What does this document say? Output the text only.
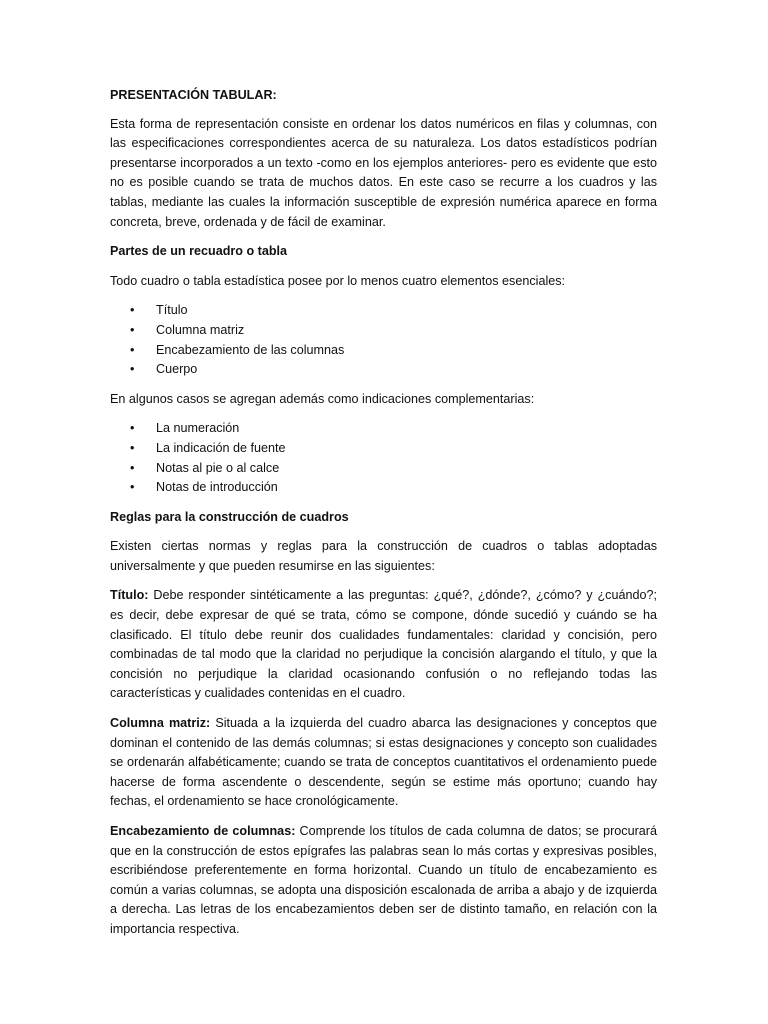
PRESENTACIÓN TABULAR:

Esta forma de representación consiste en ordenar los datos numéricos en filas y columnas, con las especificaciones correspondientes acerca de su naturaleza. Los datos estadísticos podrían presentarse incorporados a un texto -como en los ejemplos anteriores- pero es evidente que esto no es posible cuando se trata de muchos datos. En este caso se recurre a los cuadros y las tablas, mediante las cuales la información susceptible de expresión numérica aparece en forma concreta, breve, ordenada y de fácil de examinar.

Partes de un recuadro o tabla

Todo cuadro o tabla estadística posee por lo menos cuatro elementos esenciales:

• Título
• Columna matriz
• Encabezamiento de las columnas
• Cuerpo

En algunos casos se agregan además como indicaciones complementarias:

• La numeración
• La indicación de fuente
• Notas al pie o al calce
• Notas de introducción

Reglas para la construcción de cuadros

Existen ciertas normas y reglas para la construcción de cuadros o tablas adoptadas universalmente y que pueden resumirse en las siguientes:

Título: Debe responder sintéticamente a las preguntas: ¿qué?, ¿dónde?, ¿cómo? y ¿cuándo?; es decir, debe expresar de qué se trata, cómo se compone, dónde sucedió y cuándo se ha clasificado. El título debe reunir dos cualidades fundamentales: claridad y concisión, pero combinadas de tal modo que la claridad no perjudique la concisión alargando el título, y que la concisión no perjudique la claridad ocasionando confusión o no reflejando todas las características y cualidades contenidas en el cuadro.

Columna matriz: Situada a la izquierda del cuadro abarca las designaciones y conceptos que dominan el contenido de las demás columnas; si estas designaciones y concepto son cualidades se ordenarán alfabéticamente; cuando se trata de conceptos cuantitativos el ordenamiento puede hacerse de forma ascendente o descendente, según se estime más oportuno; cuando hay fechas, el ordenamiento se hace cronológicamente.

Encabezamiento de columnas: Comprende los títulos de cada columna de datos; se procurará que en la construcción de estos epígrafes las palabras sean lo más cortas y expresivas posibles, escribiéndose preferentemente en forma horizontal. Cuando un título de encabezamiento es común a varias columnas, se adopta una disposición escalonada de arriba a abajo y de izquierda a derecha. Las letras de los encabezamientos deben ser de distinto tamaño, en relación con la importancia respectiva.
